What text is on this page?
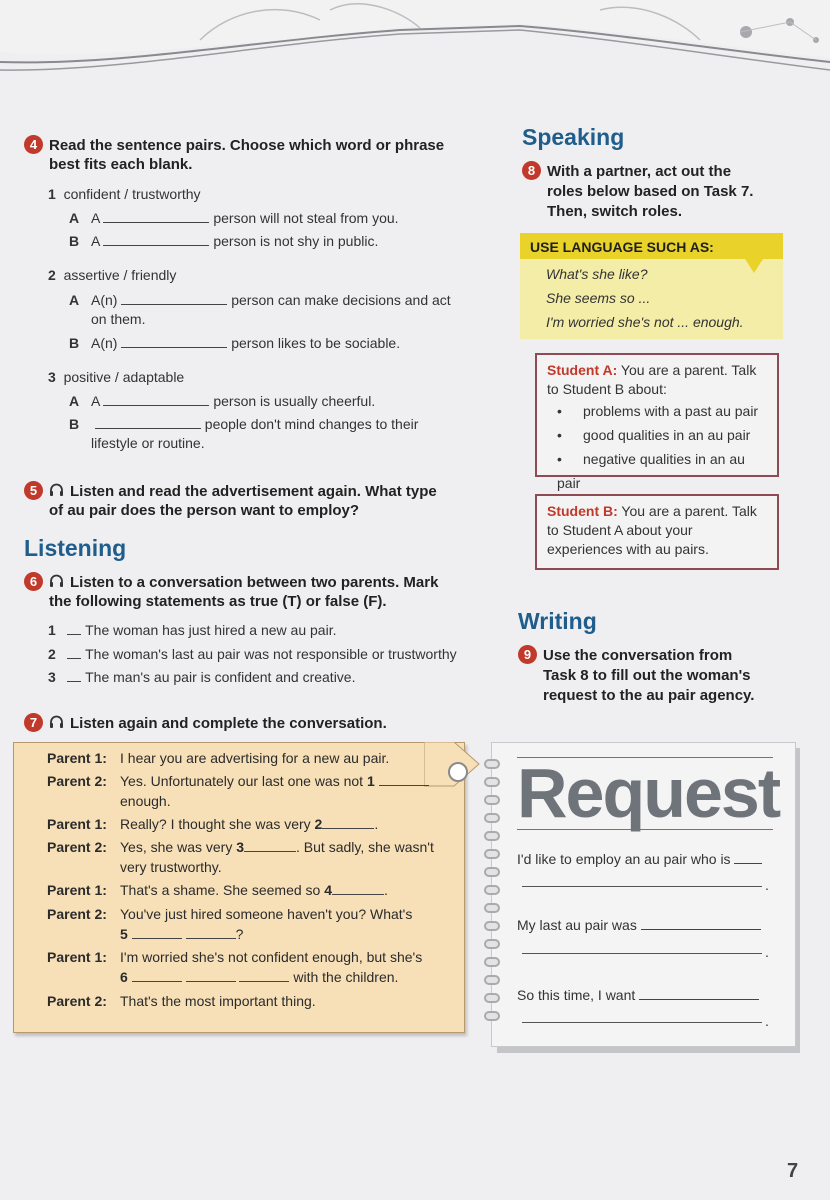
4 Read the sentence pairs. Choose which word or phrase
best fits each blank.
1 confident / trustworthy
A A	person will not steal from you.
B A	person is not shy in public.
2 assertive / friendly
A A(n)	person can make decisions and act
on them.
B A(n)	person likes to be sociable.
3 positive / adaptable
A A	person is usually cheerful.
B	people don't mind changes to their
lifestyle or routine.
5 Listen and read the advertisement again. What type
of au pair does the person want to employ?
Listening
6 Listen to a conversation between two parents. Mark
the following statements as true (T) or false (F).
1 The woman has just hired a new au pair.
2 The woman's last au pair was not responsible or trustworthy
3 The man's au pair is confident and creative.
7 Listen again and complete the conversation.
Parent 1: I hear you are advertising for a new au pair.
Parent 2: Yes. Unfortunately our last one was not 1
enough.
Parent 1: Really? I thought she was very 2	.
Parent 2: Yes, she was very 3	. But sadly, she wasn't
very trustworthy.
Parent 1: That's a shame. She seemed so 4	.
Parent 2: You've just hired someone haven't you? What's
5	?
Parent 1: I'm worried she's not confident enough, but she's
6	with the children.
Parent 2: That's the most important thing.
Speaking
8 With a partner, act out the
roles below based on Task 7.
Then, switch roles.
USE LANGUAGE SUCH AS:
What's she like?
She seems so ...
I'm worried she's not ... enough.
Student A: You are a parent. Talk
to Student B about:
• problems with a past au pair
• good qualities in an au pair
• negative qualities in an au pair
Student B: You are a parent. Talk
to Student A about your
experiences with au pairs.
Writing
9 Use the conversation from
Task 8 to fill out the woman's
request to the au pair agency.
Request
I'd like to employ an au pair who is
.
My last au pair was
.
So this time, I want
.
7
